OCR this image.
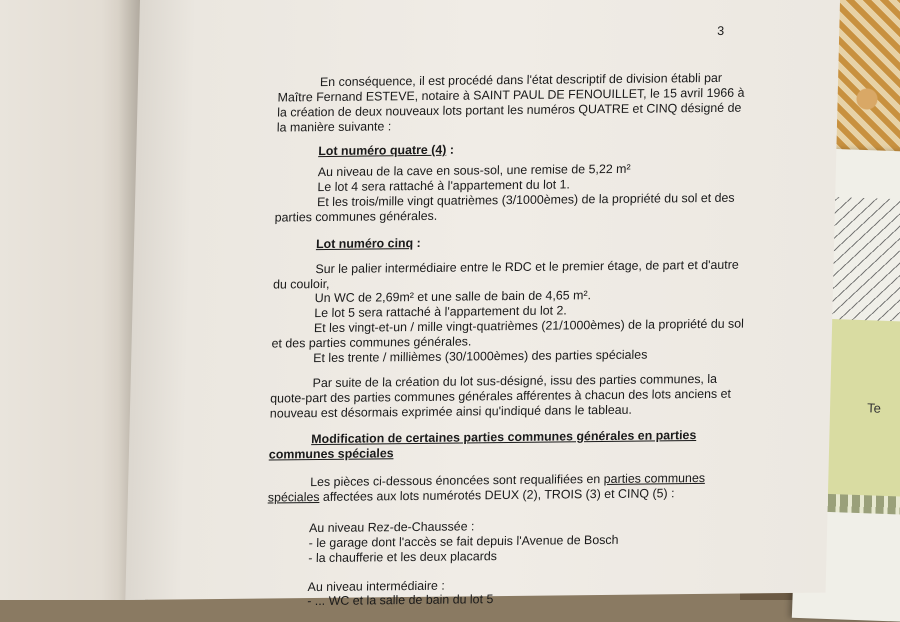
Te
3
En conséquence, il est procédé dans l'état descriptif de division établi par
Maître Fernand ESTEVE, notaire à SAINT PAUL DE FENOUILLET, le 15 avril 1966 à
la création de deux nouveaux lots portant les numéros QUATRE et CINQ désigné de
la manière suivante :
Lot numéro quatre (4) :
Au niveau de la cave en sous-sol, une remise de 5,22 m²
Le lot 4 sera rattaché à l'appartement du lot 1.
Et les trois/mille vingt quatrièmes (3/1000èmes) de la propriété du sol et des
parties communes générales.
Lot numéro cinq :
Sur le palier intermédiaire entre le RDC et le premier étage, de part et d'autre
du couloir,
Un WC de 2,69m² et une salle de bain de 4,65 m².
Le lot 5 sera rattaché à l'appartement du lot 2.
Et les vingt-et-un / mille vingt-quatrièmes (21/1000èmes) de la propriété du sol
et des parties communes générales.
Et les trente / millièmes (30/1000èmes) des parties spéciales
Par suite de la création du lot sus-désigné, issu des parties communes, la
quote-part des parties communes générales afférentes à chacun des lots anciens et
nouveau est désormais exprimée ainsi qu'indiqué dans le tableau.
Modification de certaines parties communes générales en parties
communes spéciales
Les pièces ci-dessous énoncées sont requalifiées en parties communes
spéciales affectées aux lots numérotés DEUX (2), TROIS (3) et CINQ (5) :
Au niveau Rez-de-Chaussée :
- le garage dont l'accès se fait depuis l'Avenue de Bosch
- la chaufferie et les deux placards
Au niveau intermédiaire :
- ... WC et la salle de bain du lot 5
